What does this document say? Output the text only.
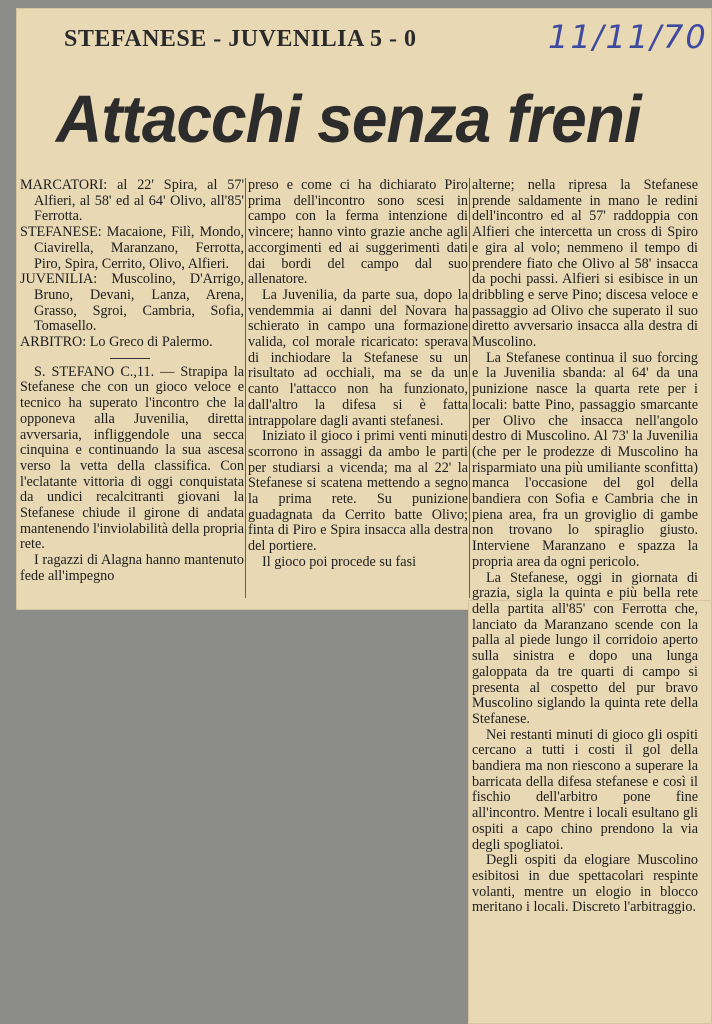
STEFANESE - JUVENILIA 5 - 0	11/11/70
Attacchi senza freni

MARCATORI: al 22' Spira, al 57' Alfieri, al 58' ed al 64' Olivo, all'85' Ferrotta.

STEFANESE: Macaione, Filì, Mondo, Ciavirella, Maranzano, Ferrotta, Piro, Spira, Cerrito, Olivo, Alfieri.

JUVENILIA: Muscolino, D'Arrigo, Bruno, Devani, Lanza, Arena, Grasso, Sgroi, Cambria, Sofia, Tomasello.

ARBITRO: Lo Greco di Palermo.

S. STEFANO C.,11. — Strapipa la Stefanese che con un gioco veloce e tecnico ha superato l'incontro che la opponeva alla Juvenilia, diretta avversaria, infliggendole una secca cinquina e continuando la sua ascesa verso la vetta della classifica. Con l'eclatante vittoria di oggi conquistata da undici recalcitranti giovani la Stefanese chiude il girone di andata mantenendo l'inviolabilità della propria rete.

I ragazzi di Alagna hanno mantenuto fede all'impegno

preso e come ci ha dichiarato Piro prima dell'incontro sono scesi in campo con la ferma intenzione di vincere; hanno vinto grazie anche agli accorgimenti ed ai suggerimenti dati dai bordi del campo dal suo allenatore.

La Juvenilia, da parte sua, dopo la vendemmia ai danni del Novara ha schierato in campo una formazione valida, col morale ricaricato: sperava di inchiodare la Stefanese su un risultato ad occhiali, ma se da un canto l'attacco non ha funzionato, dall'altro la difesa si è fatta intrappolare dagli avanti stefanesi.

Iniziato il gioco i primi venti minuti scorrono in assaggi da ambo le parti per studiarsi a vicenda; ma al 22' la Stefanese si scatena mettendo a segno la prima rete. Su punizione guadagnata da Cerrito batte Olivo; finta di Piro e Spira insacca alla destra del portiere.

Il gioco poi procede su fasi

alterne; nella ripresa la Stefanese prende saldamente in mano le redini dell'incontro ed al 57' raddoppia con Alfieri che intercetta un cross di Spiro e gira al volo; nemmeno il tempo di prendere fiato che Olivo al 58' insacca da pochi passi. Alfieri si esibisce in un dribbling e serve Pino; discesa veloce e passaggio ad Olivo che superato il suo diretto avversario insacca alla destra di Muscolino.

La Stefanese continua il suo forcing e la Juvenilia sbanda: al 64' da una punizione nasce la quarta rete per i locali: batte Pino, passaggio smarcante per Olivo che insacca nell'angolo destro di Muscolino. Al 73' la Juvenilia (che per le prodezze di Muscolino ha risparmiato una più umiliante sconfitta) manca l'occasione del gol della bandiera con Sofia e Cambria che in piena area, fra un groviglio di gambe non trovano lo spiraglio giusto. Interviene Maranzano e spazza la propria area da ogni pericolo.

La Stefanese, oggi in giornata di grazia, sigla la quinta e più bella rete della partita all'85' con Ferrotta che, lanciato da Maranzano scende con la palla al piede lungo il corridoio aperto sulla sinistra e dopo una lunga galoppata da tre quarti di campo si presenta al cospetto del pur bravo Muscolino siglando la quinta rete della Stefanese.

Nei restanti minuti di gioco gli ospiti cercano a tutti i costi il gol della bandiera ma non riescono a superare la barricata della difesa stefanese e così il fischio dell'arbitro pone fine all'incontro. Mentre i locali esultano gli ospiti a capo chino prendono la via degli spogliatoi.

Degli ospiti da elogiare Muscolino esibitosi in due spettacolari respinte volanti, mentre un elogio in blocco meritano i locali. Discreto l'arbitraggio.
